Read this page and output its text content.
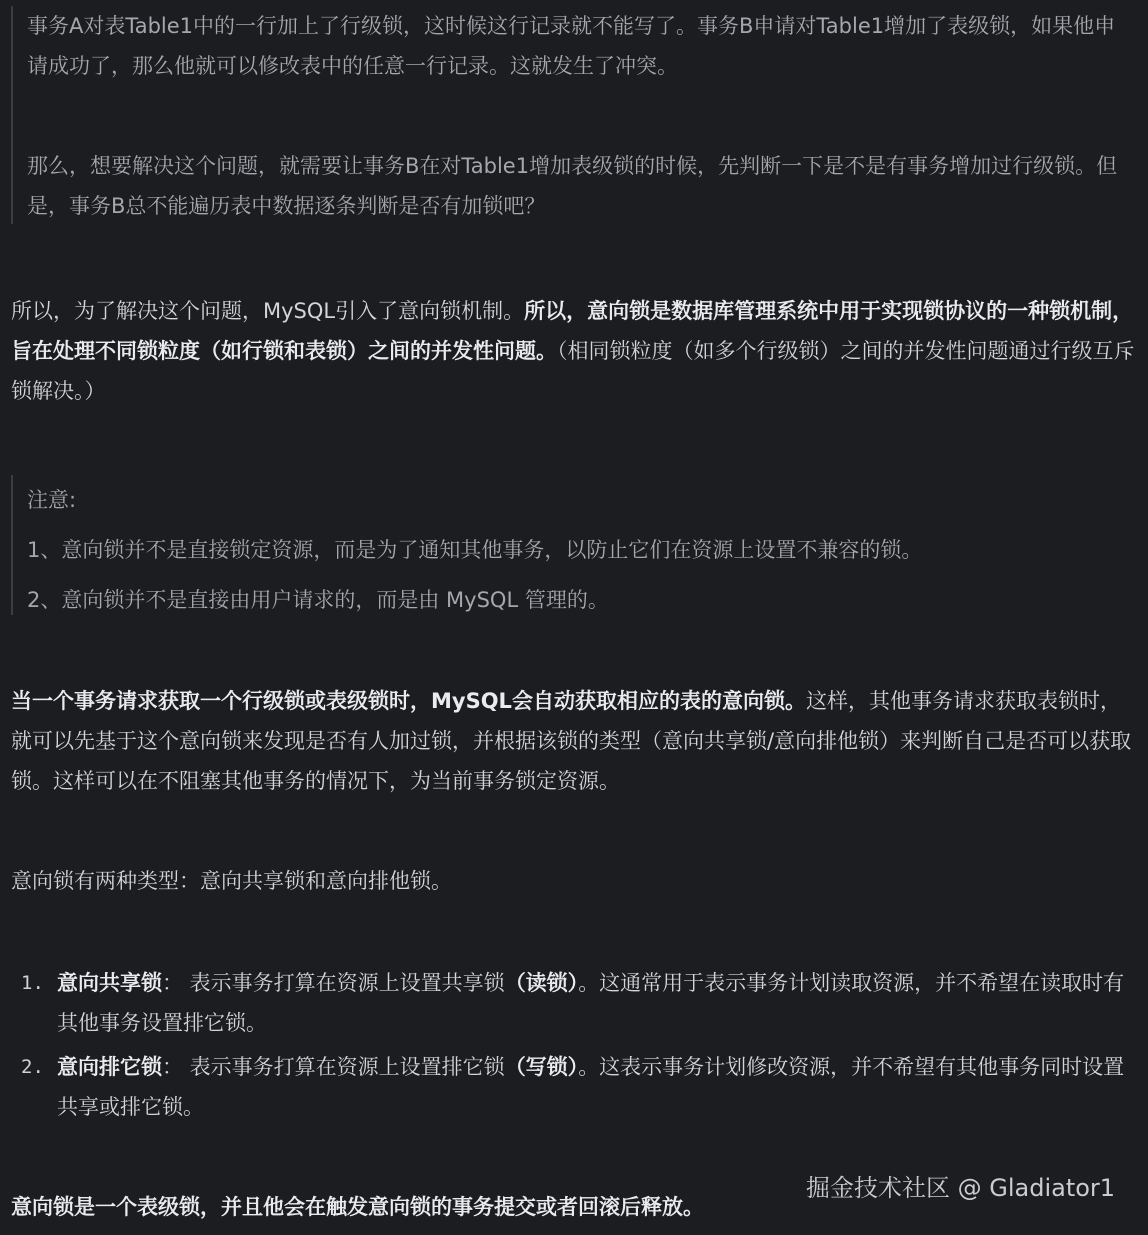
事务A对表Table1中的一行加上了行级锁，这时候这行记录就不能写了。事务B申请对Table1增加了表级锁，如果他申请成功了，那么他就可以修改表中的任意一行记录。这就发生了冲突。

那么，想要解决这个问题，就需要让事务B在对Table1增加表级锁的时候，先判断一下是不是有事务增加过行级锁。但是，事务B总不能遍历表中数据逐条判断是否有加锁吧？

所以，为了解决这个问题，MySQL引入了意向锁机制。所以，意向锁是数据库管理系统中用于实现锁协议的一种锁机制，旨在处理不同锁粒度（如行锁和表锁）之间的并发性问题。（相同锁粒度（如多个行级锁）之间的并发性问题通过行级互斥锁解决。）

注意:

1、意向锁并不是直接锁定资源，而是为了通知其他事务，以防止它们在资源上设置不兼容的锁。

2、意向锁并不是直接由用户请求的，而是由 MySQL 管理的。

当一个事务请求获取一个行级锁或表级锁时，MySQL会自动获取相应的表的意向锁。这样，其他事务请求获取表锁时，就可以先基于这个意向锁来发现是否有人加过锁，并根据该锁的类型（意向共享锁/意向排他锁）来判断自己是否可以获取锁。这样可以在不阻塞其他事务的情况下，为当前事务锁定资源。

意向锁有两种类型：意向共享锁和意向排他锁。

1. 意向共享锁： 表示事务打算在资源上设置共享锁（读锁）。这通常用于表示事务计划读取资源，并不希望在读取时有其他事务设置排它锁。
2. 意向排它锁： 表示事务打算在资源上设置排它锁（写锁）。这表示事务计划修改资源，并不希望有其他事务同时设置共享或排它锁。

意向锁是一个表级锁，并且他会在触发意向锁的事务提交或者回滚后释放。

掘金技术社区 @ Gladiator1
